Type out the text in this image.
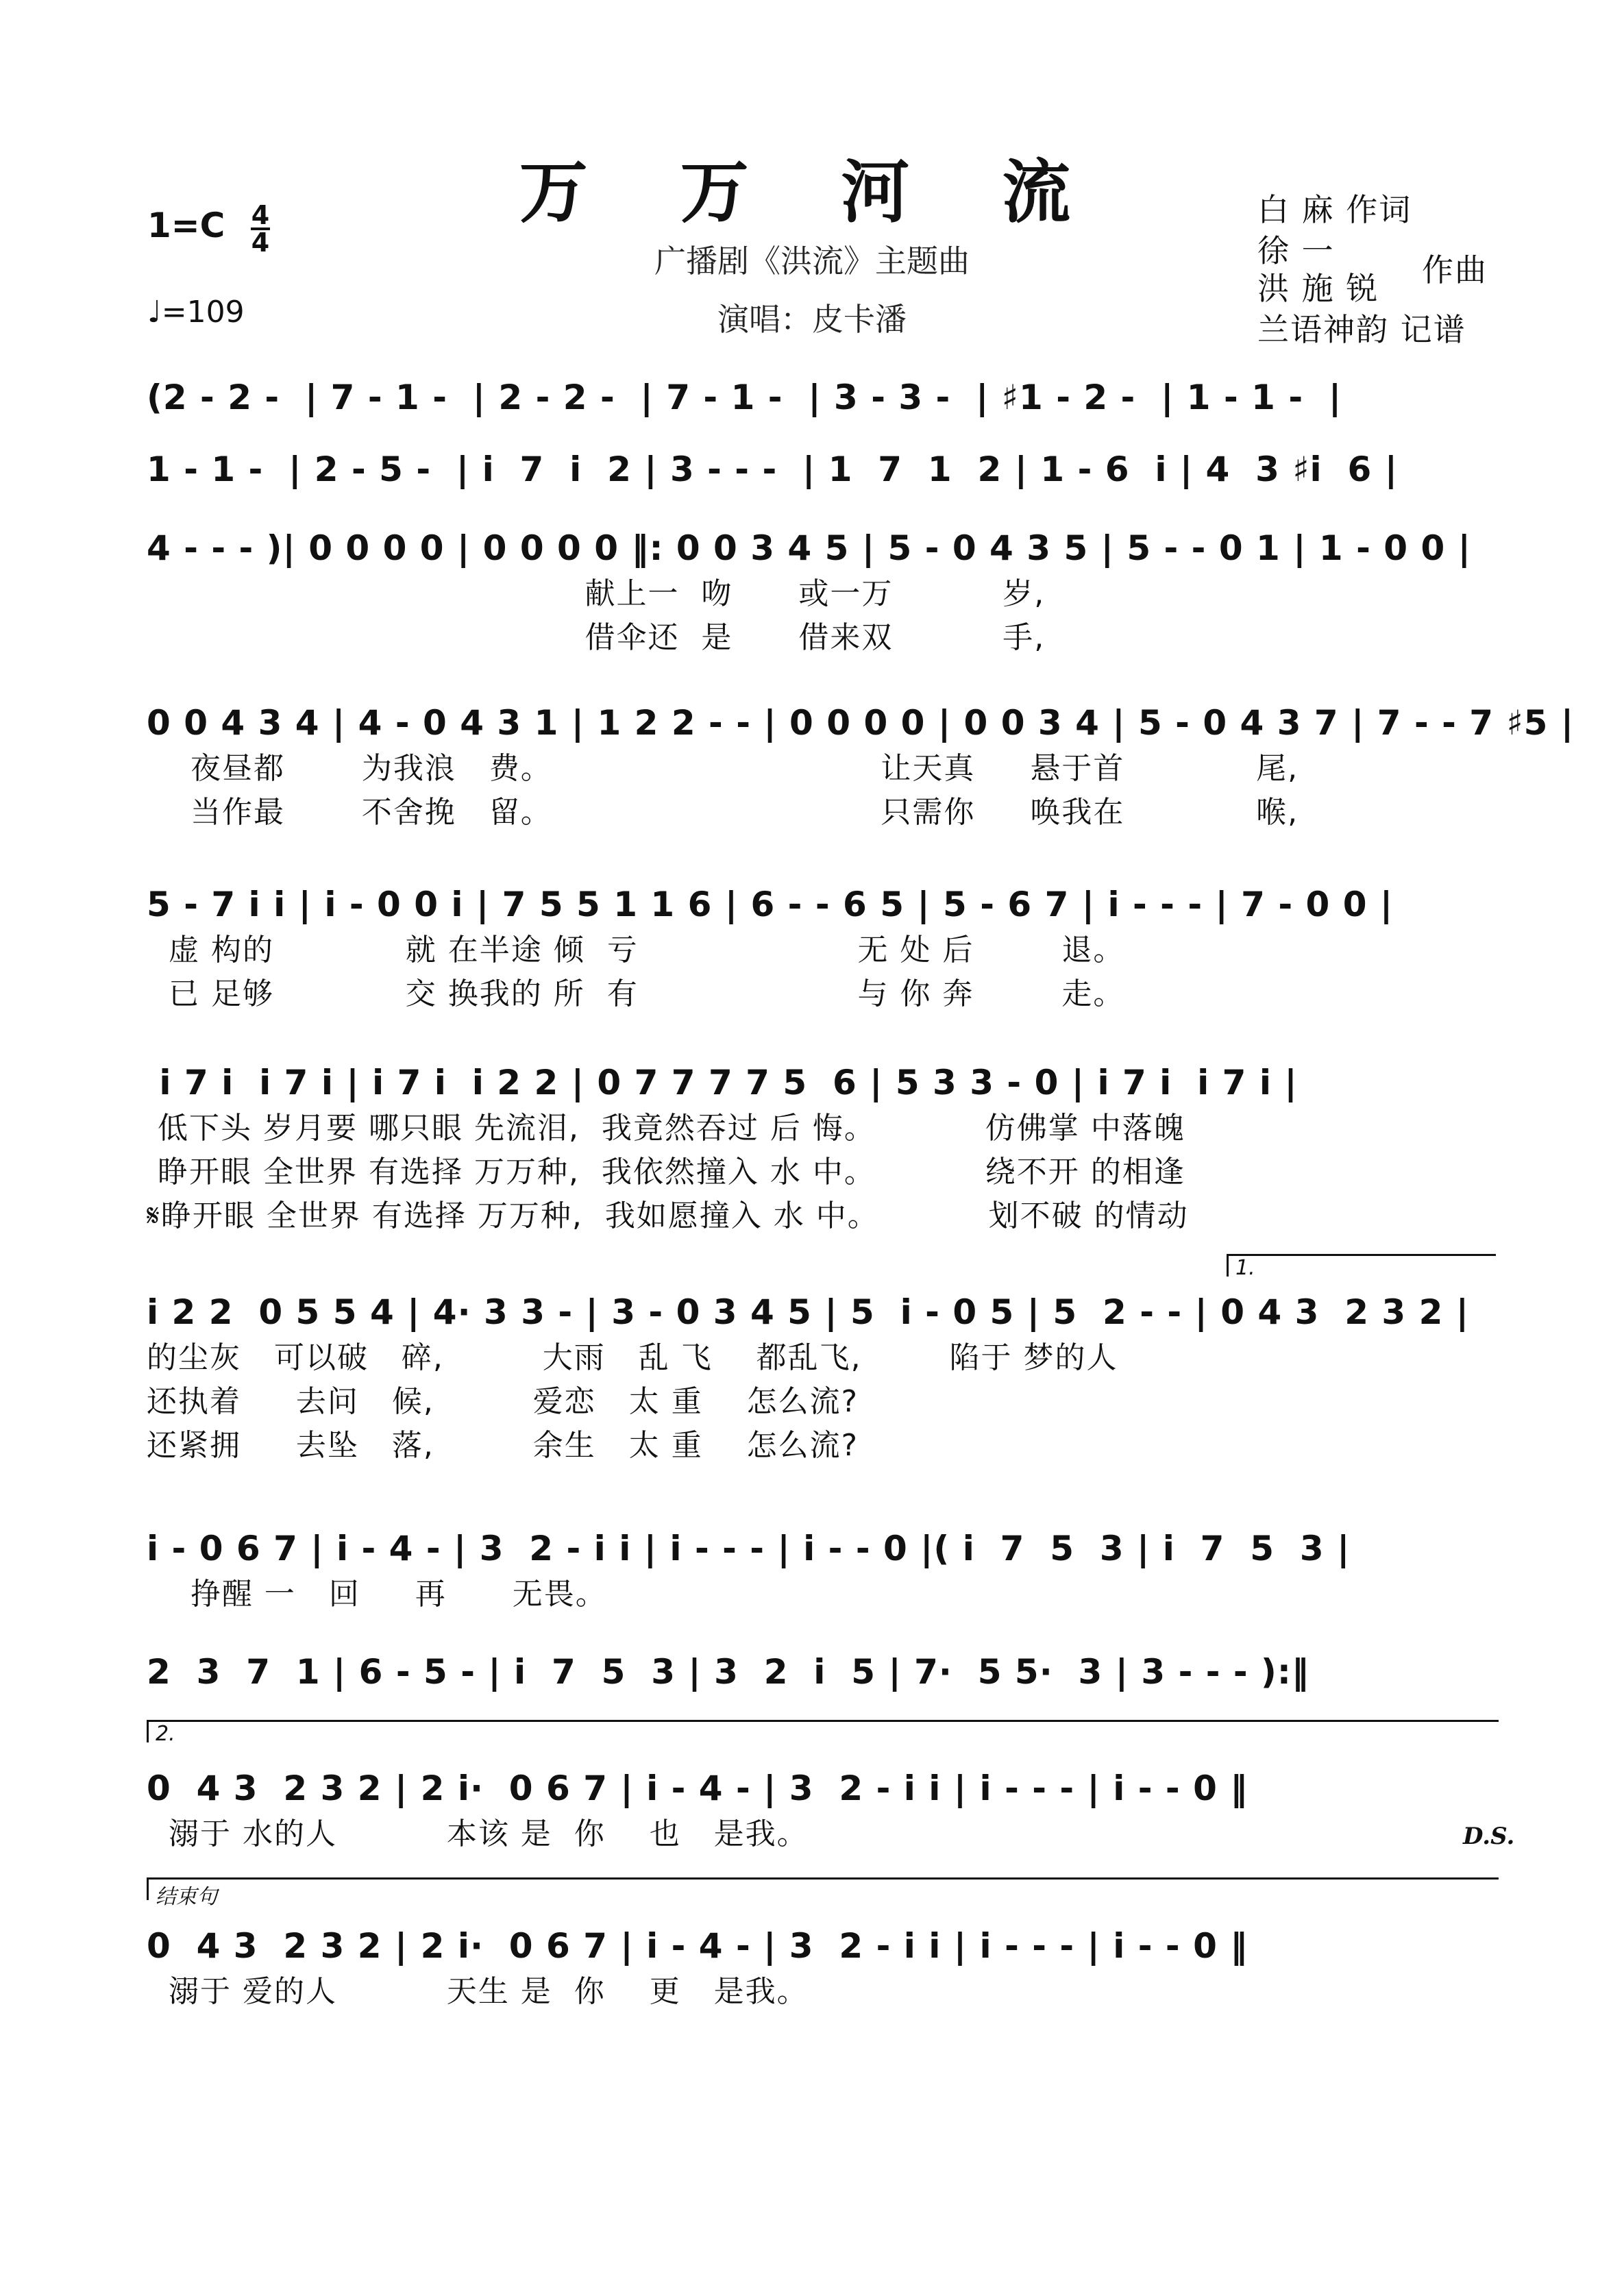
万 万 河 流
广播剧《洪流》主题曲
演唱：皮卡潘
1=C 4
4
♩=109
白 麻 作词
徐 一
洪 施 锐 作曲
兰语神韵 记谱
(2 - 2 -  | 7 - 1 -  | 2 - 2 -  | 7 - 1 -  | 3 - 3 -  | ♯1 - 2 -  | 1 - 1 -  |
1 - 1 -  | 2 - 5 -  | i  7  i  2 | 3 - - -  | 1  7  1  2 | 1 - 6  i | 4  3 ♯i  6 |
4 - - - )| 0 0 0 0 | 0 0 0 0 ‖: 0 0 3 4 5 | 5 - 0 4 3 5 | 5 - - 0 1 | 1 - 0 0 |
献上一  吻      或一万          岁,
借伞还  是      借来双          手,
0 0 4 3 4 | 4 - 0 4 3 1 | 1 2 2 - - | 0 0 0 0 | 0 0 3 4 | 5 - 0 4 3 7 | 7 - - 7 ♯5 |
夜昼都       为我浪   费。                              让天真     悬于首            尾,
当作最       不舍挽   留。                              只需你     唤我在            喉,
5 - 7 i i | i - 0 0 i | 7 5 5 1 1 6 | 6 - - 6 5 | 5 - 6 7 | i - - - | 7 - 0 0 |
虚 构的            就 在半途 倾  亏                    无 处 后        退。
已 足够            交 换我的 所  有                    与 你 奔        走。
i 7 i  i 7 i | i 7 i  i 2 2 | 0 7 7 7 7 5  6 | 5 3 3 - 0 | i 7 i  i 7 i |
低下头 岁月要 哪只眼 先流泪,  我竟然吞过 后 悔。          仿佛掌 中落魄
睁开眼 全世界 有选择 万万种,  我依然撞入 水 中。          绕不开 的相逢
𝄋睁开眼 全世界 有选择 万万种,  我如愿撞入 水 中。          划不破 的情动
1.
i 2 2  0 5 5 4 | 4· 3 3 - | 3 - 0 3 4 5 | 5  i - 0 5 | 5  2 - - | 0 4 3  2 3 2 |
的尘灰   可以破   碎,         大雨   乱 飞    都乱飞,        陷于 梦的人
还执着     去问   候,         爱恋   太 重    怎么流?
还紧拥     去坠   落,         余生   太 重    怎么流?
i - 0 6 7 | i - 4 - | 3  2 - i i | i - - - | i - - 0 |( i  7  5  3 | i  7  5  3 |
挣醒 一   回     再      无畏。
2  3  7  1 | 6 - 5 - | i  7  5  3 | 3  2  i  5 | 7·  5 5·  3 | 3 - - - ):‖
2.
0  4 3  2 3 2 | 2 i·  0 6 7 | i - 4 - | 3  2 - i i | i - - - | i - - 0 ‖
溺于 水的人          本该 是  你    也   是我。	D.S.
结束句
0  4 3  2 3 2 | 2 i·  0 6 7 | i - 4 - | 3  2 - i i | i - - - | i - - 0 ‖
溺于 爱的人          天生 是  你    更   是我。
